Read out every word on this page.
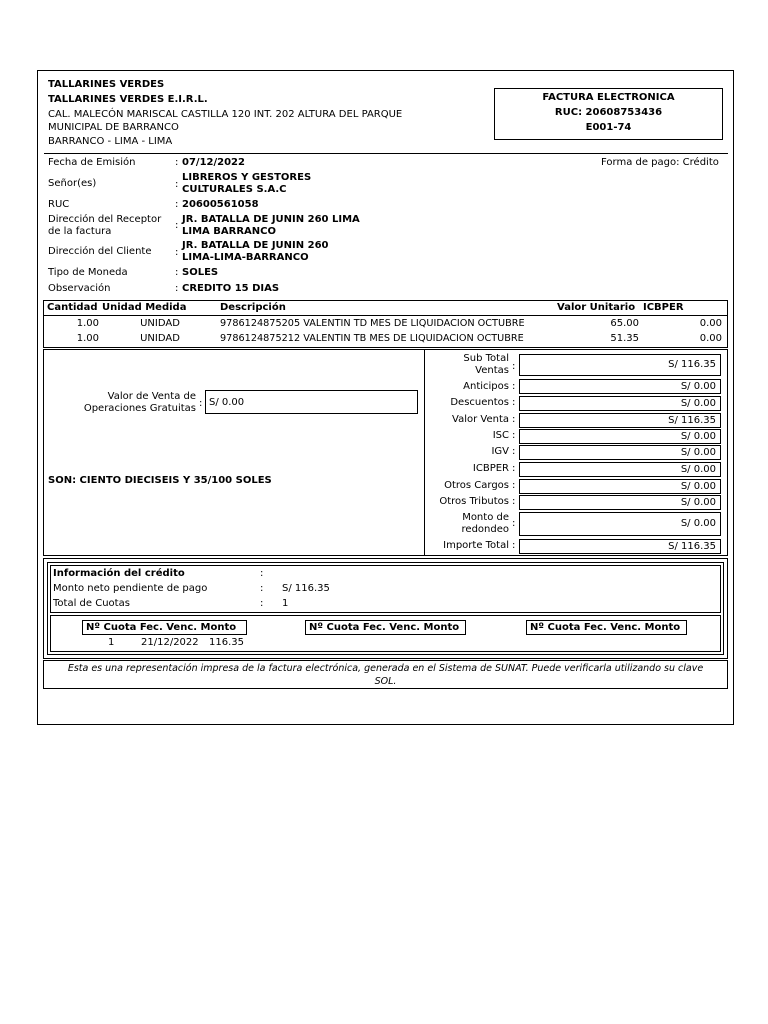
TALLARINES VERDES
TALLARINES VERDES E.I.R.L.
CAL. MALECÓN MARISCAL CASTILLA 120 INT. 202 ALTURA DEL PARQUE
MUNICIPAL DE BARRANCO
BARRANCO - LIMA - LIMA
FACTURA ELECTRONICA
RUC: 20608753436
E001-74
Fecha de Emisión	: 07/12/2022	Forma de pago: Crédito
Señor(es)	:
LIBREROS Y GESTORES
CULTURALES S.A.C
RUC	: 20600561058
Dirección del Receptor
de la factura
:
JR. BATALLA DE JUNIN 260 LIMA
LIMA BARRANCO
Dirección del Cliente :
JR. BATALLA DE JUNIN 260
LIMA-LIMA-BARRANCO
Tipo de Moneda	: SOLES
Observación	: CREDITO 15 DIAS
Cantidad Unidad Medida	Descripción	Valor Unitario ICBPER
1.00	UNIDAD	9786124875205 VALENTIN TD MES DE LIQUIDACION OCTUBRE	65.00	0.00
1.00	UNIDAD	9786124875212 VALENTIN TB MES DE LIQUIDACION OCTUBRE	51.35	0.00
Valor de Venta de
Operaciones Gratuitas : S/ 0.00
SON: CIENTO DIECISEIS Y 35/100 SOLES
Sub Total
Ventas :	S/ 116.35
Anticipos :	S/ 0.00
Descuentos :	S/ 0.00
Valor Venta :	S/ 116.35
ISC :	S/ 0.00
IGV :	S/ 0.00
ICBPER :	S/ 0.00
Otros Cargos :	S/ 0.00
Otros Tributos :	S/ 0.00
Monto de
redondeo
:	S/ 0.00
Importe Total :	S/ 116.35
Información del crédito	:
Monto neto pendiente de pago	: S/ 116.35
Total de Cuotas	: 1
Nº Cuota Fec. Venc. Monto	Nº Cuota Fec. Venc. Monto	Nº Cuota Fec. Venc. Monto
1	21/12/2022 116.35
Esta es una representación impresa de la factura electrónica, generada en el Sistema de SUNAT. Puede verificarla utilizando su clave
SOL.
